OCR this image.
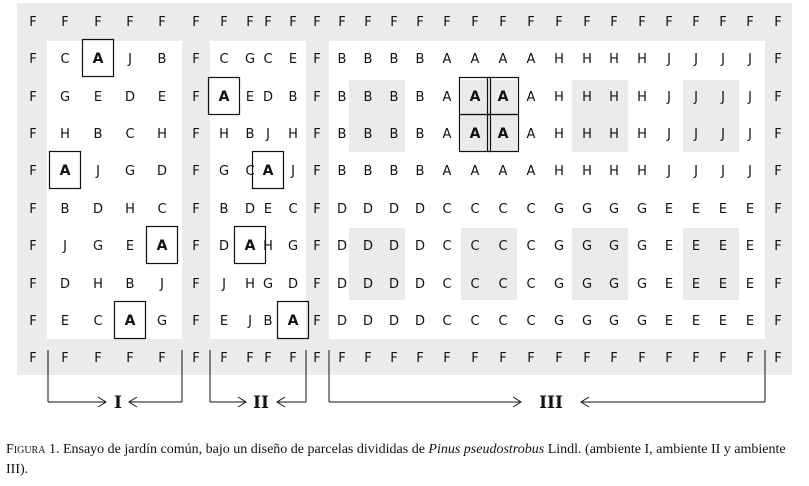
F F F F F F F F F F F F F F F F F F F F F F F F F F F F
F C A J B F C G C E F B B B B A A A A H H H H J J J J F
F G E D E F A E D B F B B B B A A A A H H H H J J J J F
F H B C H F H B J H F B B B B A A A A H H H H J J J J F
F A J G D F G C A J F B B B B A A A A H H H H J J J J F
F B D H C F B D E C F D D D D C C C C G G G G E E E E F
F J G E A F D A H G F D D D D C C C C G G G G E E E E F
F D H B J F J H G D F D D D D C C C C G G G G E E E E F
F E C A G F E J B A F D D D D C C C C G G G G E E E E F
F F F F F F F F F F F F F F F F F F F F F F F F F F F F
I	II	III

Figura 1. Ensayo de jardín común, bajo un diseño de parcelas divididas de Pinus pseudostrobus Lindl. (ambiente I, ambiente II y ambiente III).
